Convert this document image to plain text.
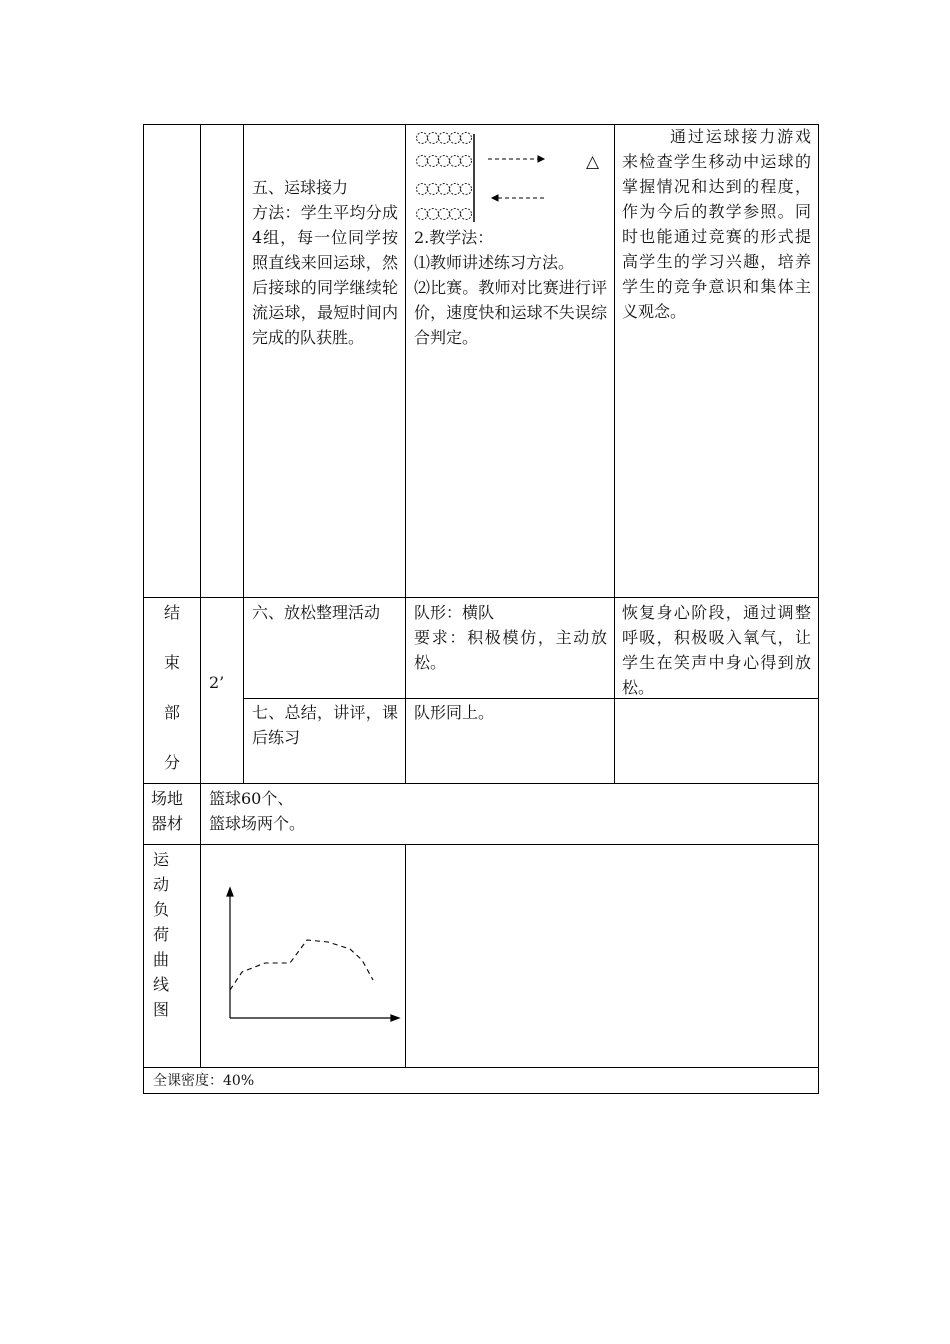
五、运球接力
方法：学生平均分成4组，每一位同学按照直线来回运球，然后接球的同学继续轮流运球，最短时间内完成的队获胜。
△
2.教学法：
⑴教师讲述练习方法。
⑵比赛。教师对比赛进行评价，速度快和运球不失误综合判定。
通过运球接力游戏来检查学生移动中运球的掌握情况和达到的程度，作为今后的教学参照。同时也能通过竞赛的形式提高学生的学习兴趣，培养学生的竞争意识和集体主义观念。
结
束
部
分
2’
六、放松整理活动	队形：横队
要求：积极模仿，主动放松。
恢复身心阶段，通过调整呼吸，积极吸入氧气，让学生在笑声中身心得到放松。
七、总结，讲评，课后练习
队形同上。
场地
器材
篮球60个、
篮球场两个。
运
动
负
荷
曲
线
图
全课密度：40%
